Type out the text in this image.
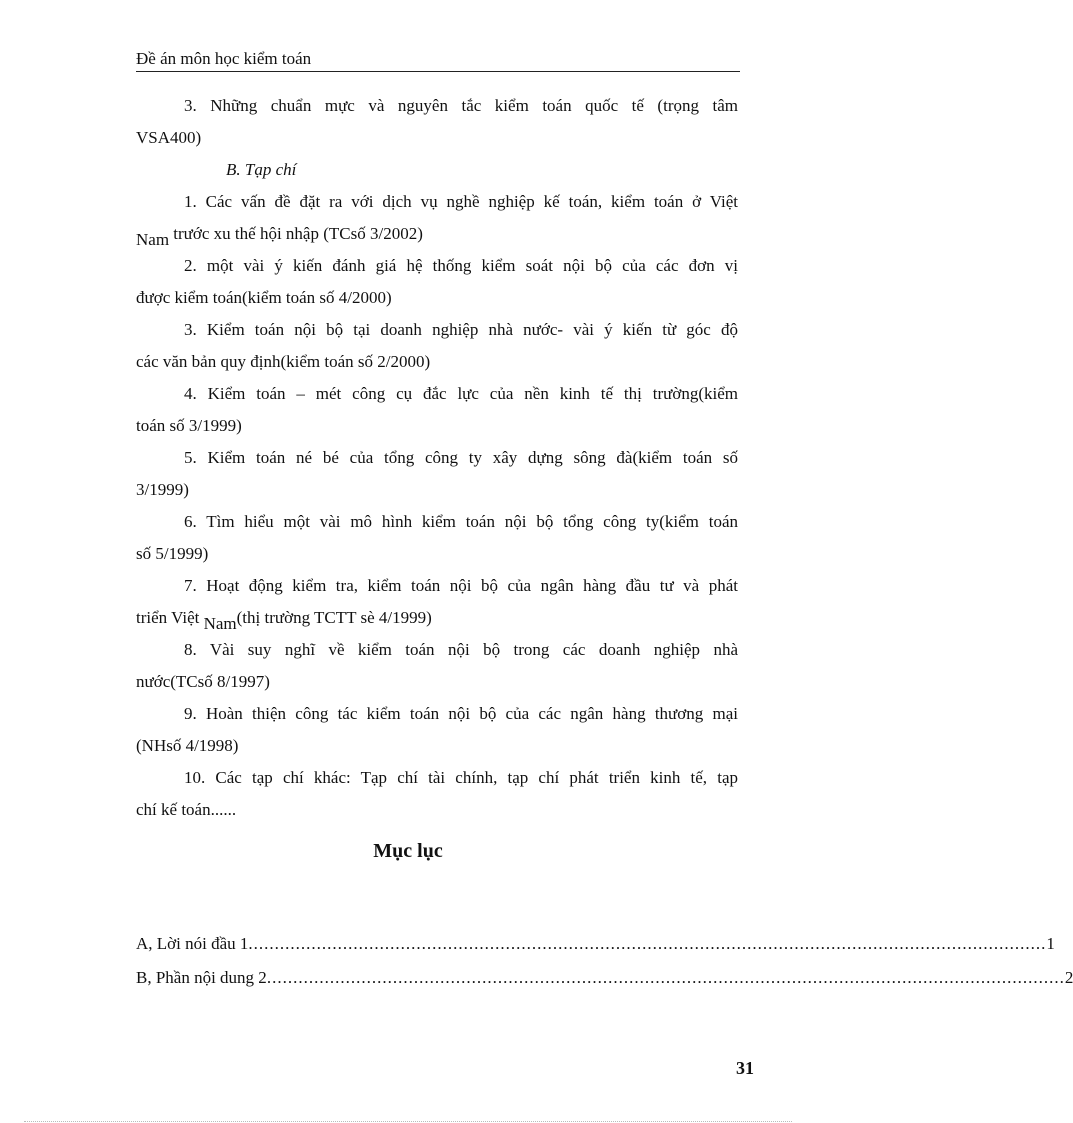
Đề án môn học kiểm toán
3. Những chuẩn mực và nguyên tắc kiểm toán quốc tế (trọng tâm
VSA400)
B. Tạp chí
1. Các vấn đề đặt ra với dịch vụ nghề nghiệp kế toán, kiểm toán ở Việt
Nam trước xu thế hội nhập (TCsố 3/2002)
2. một vài ý kiến đánh giá hệ thống kiểm soát nội bộ của các đơn vị
được kiểm toán(kiểm toán số 4/2000)
3. Kiểm toán nội bộ tại doanh nghiệp nhà nước- vài ý kiến từ góc độ
các văn bản quy định(kiểm toán số 2/2000)
4. Kiểm toán – mét công cụ đắc lực của nền kinh tế thị trường(kiểm
toán số 3/1999)
5. Kiểm toán né bé của tổng công ty xây dựng sông đà(kiểm toán số
3/1999)
6. Tìm hiểu một vài mô hình kiểm toán nội bộ tổng công ty(kiểm toán
số 5/1999)
7. Hoạt động kiểm tra, kiểm toán nội bộ của ngân hàng đầu tư và phát
triển Việt Nam(thị trường TCTT sè 4/1999)
8. Vài suy nghĩ về kiểm toán nội bộ trong các doanh nghiệp nhà
nước(TCsố 8/1997)
9. Hoàn thiện công tác kiểm toán nội bộ của các ngân hàng thương mại
(NHsố 4/1998)
10. Các tạp chí khác: Tạp chí tài chính, tạp chí phát triển kinh tế, tạp
chí kế toán......
Mục lục
A, Lời nói đầu 1 ........................................................................................................................................................ 1
B, Phần nội dung 2 ........................................................................................................................................................ 2
31
